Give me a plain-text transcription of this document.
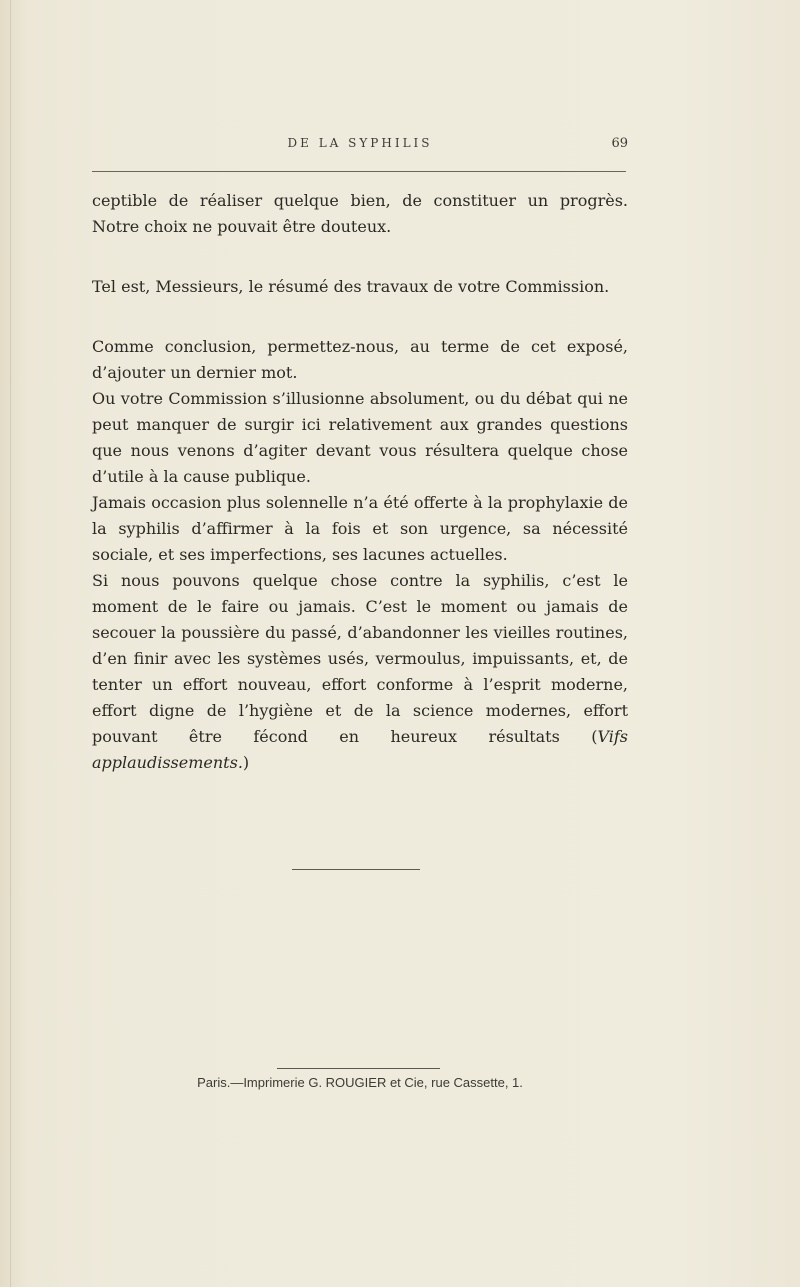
DE LA SYPHILIS	69

ceptible de réaliser quelque bien, de constituer un progrès. Notre choix ne pouvait être douteux.

Tel est, Messieurs, le résumé des travaux de votre Commission.

Comme conclusion, permettez-nous, au terme de cet exposé, d’ajouter un dernier mot.

Ou votre Commission s’illusionne absolument, ou du débat qui ne peut manquer de surgir ici relativement aux grandes questions que nous venons d’agiter devant vous résultera quelque chose d’utile à la cause publique.

Jamais occasion plus solennelle n’a été offerte à la prophylaxie de la syphilis d’affirmer à la fois et son urgence, sa nécessité sociale, et ses imperfections, ses lacunes actuelles.

Si nous pouvons quelque chose contre la syphilis, c’est le moment de le faire ou jamais. C’est le moment ou jamais de secouer la poussière du passé, d’abandonner les vieilles routines, d’en finir avec les systèmes usés, vermoulus, impuissants, et, de tenter un effort nouveau, effort conforme à l’esprit moderne, effort digne de l’hygiène et de la science modernes, effort pouvant être fécond en heureux résultats (Vifs applaudissements.)

Paris.—Imprimerie G. ROUGIER et Cie, rue Cassette, 1.
